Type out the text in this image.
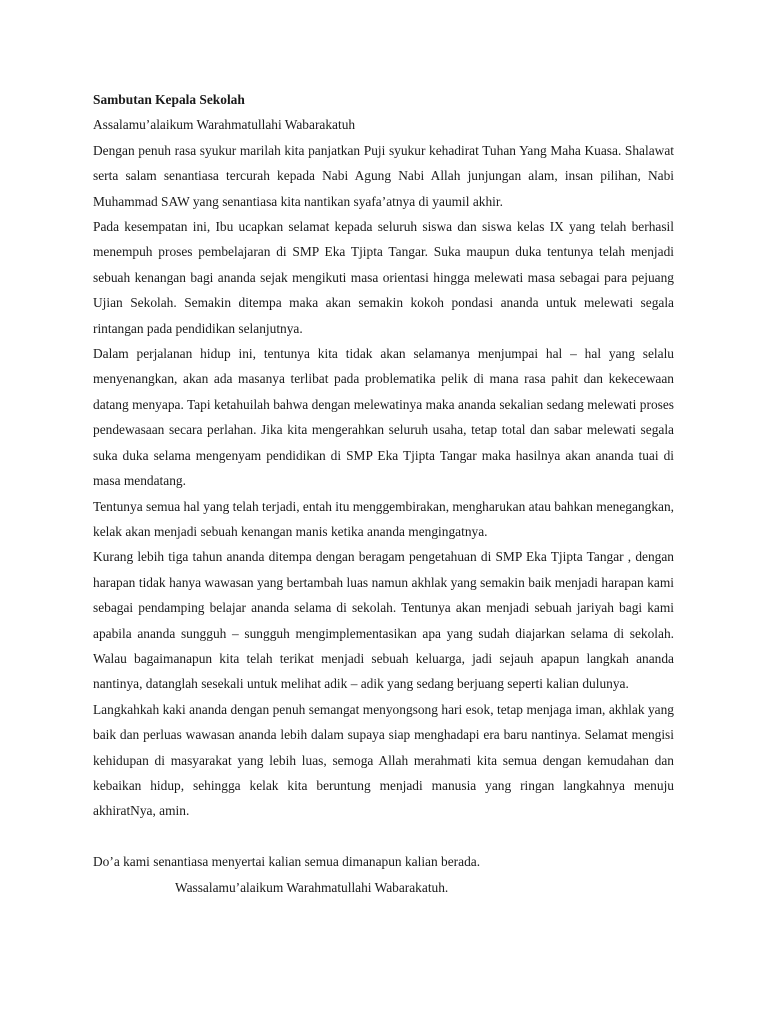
Sambutan Kepala Sekolah

Assalamu’alaikum Warahmatullahi Wabarakatuh

Dengan penuh rasa syukur marilah kita panjatkan Puji syukur kehadirat Tuhan Yang Maha Kuasa. Shalawat serta salam senantiasa tercurah kepada Nabi Agung Nabi Allah junjungan alam, insan pilihan, Nabi Muhammad SAW yang senantiasa kita nantikan syafa’atnya di yaumil akhir.

Pada kesempatan ini, Ibu ucapkan selamat kepada seluruh siswa dan siswa kelas IX yang telah berhasil menempuh proses pembelajaran di SMP Eka Tjipta Tangar. Suka maupun duka tentunya telah menjadi sebuah kenangan bagi ananda sejak mengikuti masa orientasi hingga melewati masa sebagai para pejuang Ujian Sekolah. Semakin ditempa maka akan semakin kokoh pondasi ananda untuk melewati segala rintangan pada pendidikan selanjutnya.

Dalam perjalanan hidup ini, tentunya kita tidak akan selamanya menjumpai hal – hal yang selalu menyenangkan, akan ada masanya terlibat pada problematika pelik di mana rasa pahit dan kekecewaan datang menyapa. Tapi ketahuilah bahwa dengan melewatinya maka ananda sekalian sedang melewati proses pendewasaan secara perlahan. Jika kita mengerahkan seluruh usaha, tetap total dan sabar melewati segala suka duka selama mengenyam pendidikan di SMP Eka Tjipta Tangar maka hasilnya akan ananda tuai di masa mendatang.

Tentunya semua hal yang telah terjadi, entah itu menggembirakan, mengharukan atau bahkan menegangkan, kelak akan menjadi sebuah kenangan manis ketika ananda mengingatnya.

Kurang lebih tiga tahun ananda ditempa dengan beragam pengetahuan di SMP Eka Tjipta Tangar , dengan harapan tidak hanya wawasan yang bertambah luas namun akhlak yang semakin baik menjadi harapan kami sebagai pendamping belajar ananda selama di sekolah. Tentunya akan menjadi sebuah jariyah bagi kami apabila ananda sungguh – sungguh mengimplementasikan apa yang sudah diajarkan selama di sekolah. Walau bagaimanapun kita telah terikat menjadi sebuah keluarga, jadi sejauh apapun langkah ananda nantinya, datanglah sesekali untuk melihat adik – adik yang sedang berjuang seperti kalian dulunya.

Langkahkah kaki ananda dengan penuh semangat menyongsong hari esok, tetap menjaga iman, akhlak yang baik dan perluas wawasan ananda lebih dalam supaya siap menghadapi era baru nantinya. Selamat mengisi kehidupan di masyarakat yang lebih luas, semoga Allah merahmati kita semua dengan kemudahan dan kebaikan hidup, sehingga kelak kita beruntung menjadi manusia yang ringan langkahnya menuju akhiratNya, amin.

Do’a kami senantiasa menyertai kalian semua dimanapun kalian berada.

Wassalamu’alaikum Warahmatullahi Wabarakatuh.
